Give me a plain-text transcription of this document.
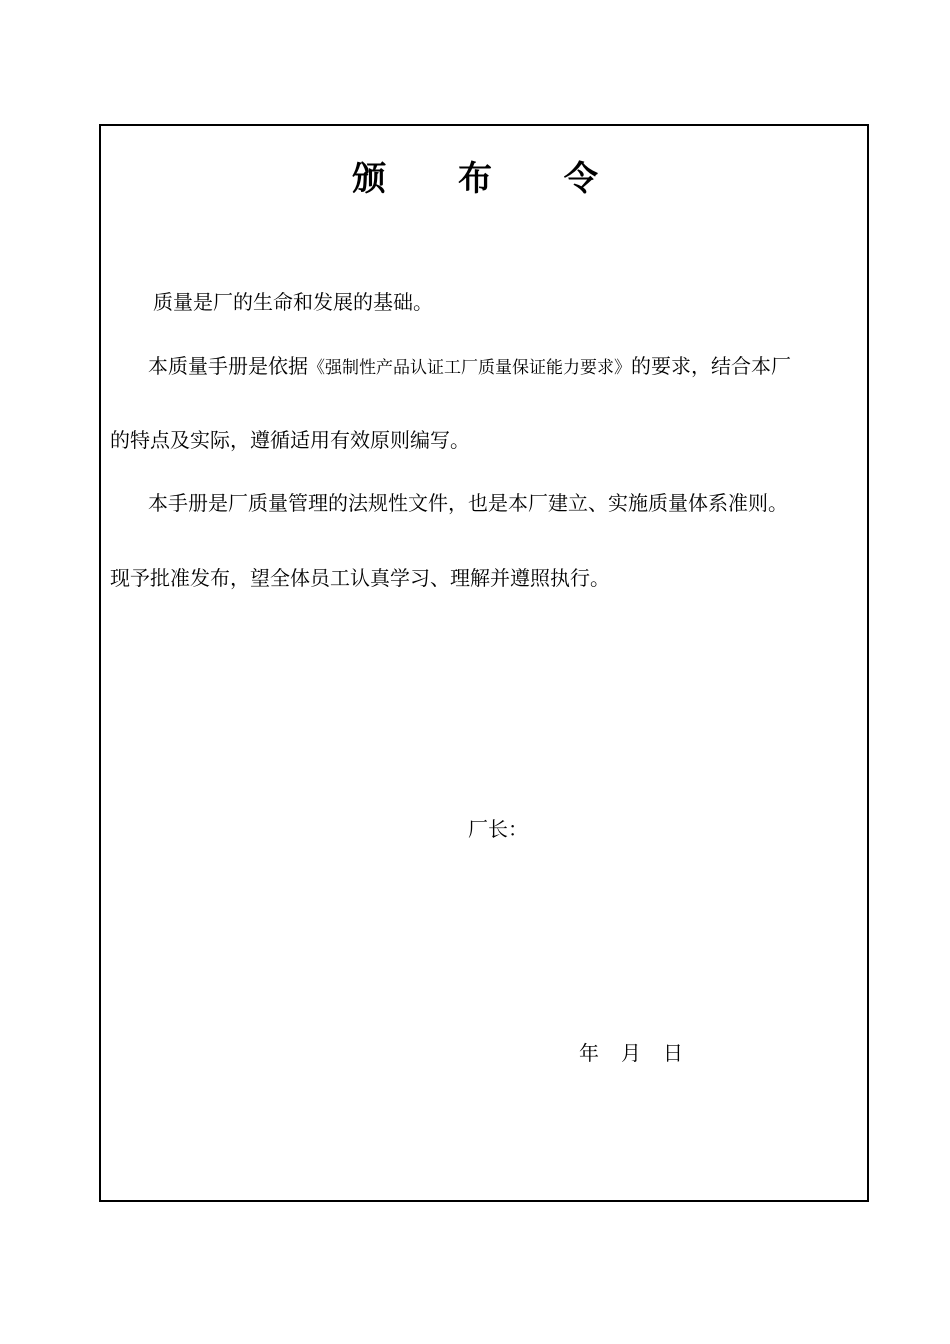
颁 布 令
质量是厂的生命和发展的基础。
本质量手册是依据《强制性产品认证工厂质量保证能力要求》的要求，结合本厂
的特点及实际，遵循适用有效原则编写。
本手册是厂质量管理的法规性文件，也是本厂建立、实施质量体系准则。
现予批准发布，望全体员工认真学习、理解并遵照执行。
厂长：
年 月 日
